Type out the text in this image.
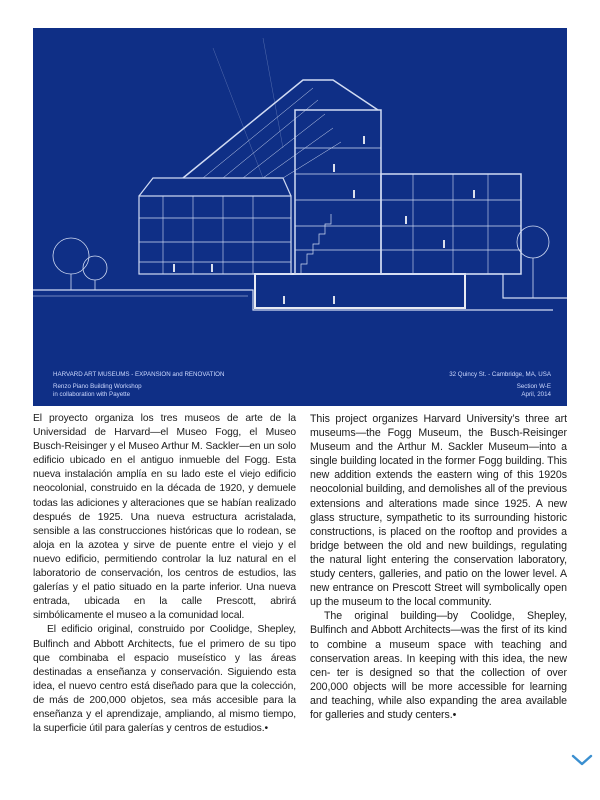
HARVARD ART MUSEUMS - EXPANSION and RENOVATION
Renzo Piano Building Workshop
in collaboration with Payette
32 Quincy St. - Cambridge, MA, USA
Section W-E
April, 2014

El proyecto organiza los tres museos de arte de la Universidad de Harvard—el Museo Fogg, el Museo Busch-Reisinger y el Museo Arthur M. Sackler—en un solo edificio ubicado en el antiguo inmueble del Fogg. Esta nueva instalación amplía en su lado este el viejo edificio neocolonial, construido en la década de 1920, y demuele todas las adiciones y alteraciones que se habían realizado después de 1925. Una nueva estructura acristalada, sensible a las construcciones históricas que lo rodean, se aloja en la azotea y sirve de puente entre el viejo y el nuevo edificio, permitiendo controlar la luz natural en el laboratorio de conservación, los centros de estudios, las galerías y el patio situado en la parte inferior. Una nueva entrada, ubicada en la calle Prescott, abrirá simbólicamente el museo a la comunidad local.

El edificio original, construido por Coolidge, Shepley, Bulfinch and Abbott Architects, fue el primero de su tipo que combinaba el espacio museístico y las áreas destinadas a enseñanza y conservación. Siguiendo esta idea, el nuevo centro está diseñado para que la colección, de más de 200,000 objetos, sea más accesible para la enseñanza y el aprendizaje, ampliando, al mismo tiempo, la superficie útil para galerías y centros de estudios.•

This project organizes Harvard University’s three art museums—the Fogg Museum, the Busch-Reisinger Museum and the Arthur M. Sackler Museum—into a single building located in the former Fogg building. This new addition extends the eastern wing of this 1920s neocolonial building, and demolishes all of the previous extensions and alterations made since 1925. A new glass structure, sympathetic to its surrounding historic constructions, is placed on the rooftop and provides a bridge between the old and new buildings, regulating the natural light entering the conservation laboratory, study centers, galleries, and patio on the lower level. A new entrance on Prescott Street will symbolically open up the museum to the local community.

The original building—by Coolidge, Shepley, Bulfinch and Abbott Architects—was the first of its kind to combine a museum space with teaching and conservation areas. In keeping with this idea, the new cen- ter is designed so that the collection of over 200,000 objects will be more accessible for learning and teaching, while also expanding the area available for galleries and study centers.•
